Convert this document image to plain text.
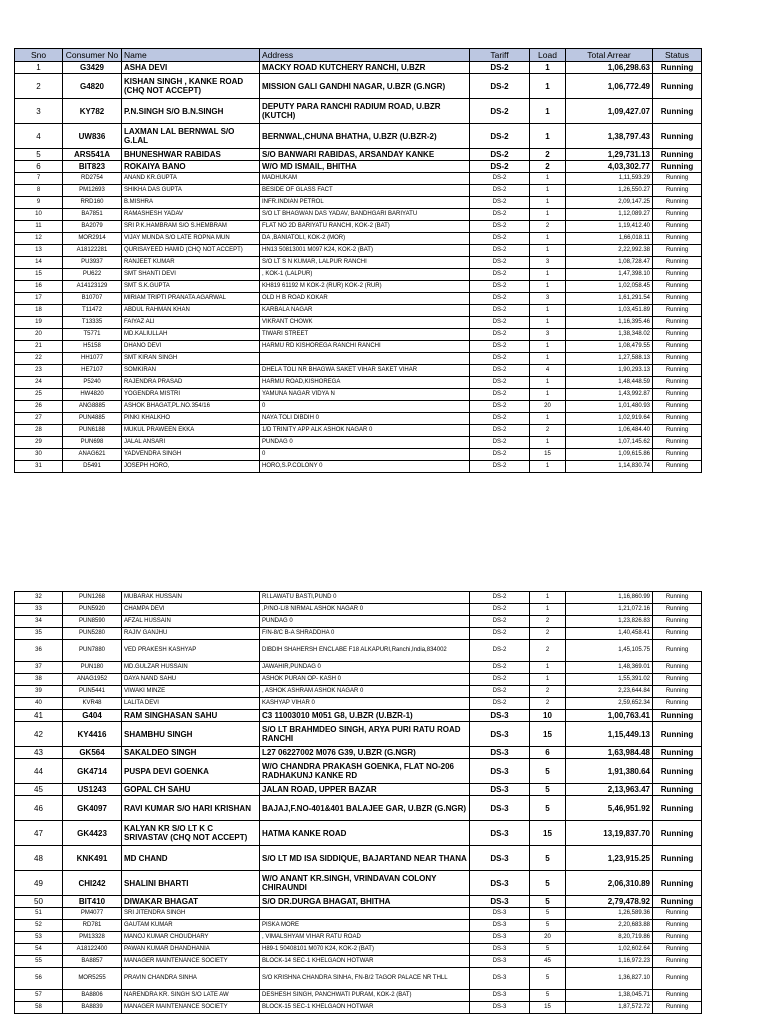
Sno	Consumer No	Name	Address	Tariff	Load	Total Arrear	Status
1	G3429	ASHA DEVI	MACKY ROAD KUTCHERY RANCHI, U.BZR	DS-2	1	1,06,298.63	Running
2	G4820	KISHAN SINGH , KANKE ROAD (CHQ NOT ACCEPT)	MISSION GALI GANDHI NAGAR, U.BZR (G.NGR)	DS-2	1	1,06,772.49	Running
3	KY782	P.N.SINGH S/O B.N.SINGH	DEPUTY PARA RANCHI RADIUM ROAD, U.BZR (KUTCH)	DS-2	1	1,09,427.07	Running
4	UW836	LAXMAN LAL BERNWAL S/O G.LAL	BERNWAL,CHUNA BHATHA, U.BZR (U.BZR-2)	DS-2	1	1,38,797.43	Running
5	ARS541A	BHUNESHWAR RABIDAS	S/O BANWARI RABIDAS, ARSANDAY KANKE	DS-2	2	1,29,731.13	Running
6	BIT823	ROKAIYA BANO	W/O MD ISMAIL, BHITHA	DS-2	2	4,03,302.77	Running
7	RD2754	ANAND KR.GUPTA	MADHUKAM	DS-2	1	1,11,593.29	Running
8	PM12693	SHIKHA DAS GUPTA	BESIDE OF GLASS FACT	DS-2	1	1,26,550.27	Running
9	RRD160	B.MISHRA	INFR.INDIAN PETROL	DS-2	1	2,09,147.25	Running
10	BA7851	RAMASHESH YADAV	S/O LT BHAGWAN DAS YADAV, BANDHGARI BARIYATU	DS-2	1	1,12,089.27	Running
11	BA2079	SRI P.K.HAMBRAM S/O S.HEMBRAM	FLAT NO 2D BARIYATU RANCHI, KOK-2 (BAT)	DS-2	2	1,19,412.40	Running
12	MOR2914	VIJAY MUNDA S/O LATE ROPNA MUN	DA ,BANIATOLI, KOK-2 (MOR)	DS-2	1	1,66,018.11	Running
13	A18122281	QURISAYEED HAMID (CHQ NOT ACCEPT)	HN13 50813001 M097 K24, KOK-2 (BAT)	DS-2	1	2,22,992.38	Running
14	PU3937	RANJEET KUMAR	S/O LT S N KUMAR, LALPUR RANCHI	DS-2	3	1,08,728.47	Running
15	PU622	SMT SHANTI DEVI	, KOK-1 (LALPUR)	DS-2	1	1,47,398.10	Running
16	A14123129	SMT S.K.GUPTA	KH819 61192 M KOK-2 (RUR) KOK-2 (RUR)	DS-2	1	1,02,058.45	Running
17	B10707	MIRIAM TRIPTI PRANATA AGARWAL	OLD H B ROAD KOKAR	DS-2	3	1,61,291.54	Running
18	T11472	ABDUL RAHMAN KHAN	KARBALA NAGAR	DS-2	1	1,03,451.89	Running
19	T13335	FAIYAZ ALI	VIKRANT CHOWK	DS-2	1	1,16,395.46	Running
20	T5771	MD.KALIULLAH	TIWARI STREET	DS-2	3	1,38,348.02	Running
21	H5158	DHANO DEVI	HARMU RD KISHOREGA RANCHI RANCHI	DS-2	1	1,08,479.55	Running
22	HH1077	SMT KIRAN SINGH		DS-2	1	1,27,588.13	Running
23	HE7107	SOMKIRAN	DHELA TOLI NR BHAGWA SAKET VIHAR SAKET VIHAR	DS-2	4	1,90,293.13	Running
24	P5240	RAJENDRA PRASAD	HARMU ROAD,KISHOREGA	DS-2	1	1,48,448.59	Running
25	HW4820	YOGENDRA MISTRI	YAMUNA NAGAR VIDYA N	DS-2	1	1,43,992.87	Running
26	ANG8885	ASHOK BHAGAT,PL.NO.354/16	0	DS-2	20	1,01,480.93	Running
27	PUN4885	PINKI KHALKHO	NAYA TOLI DIBDIH 0	DS-2	1	1,02,919.64	Running
28	PUN6188	MUKUL PRAWEEN EKKA	1/D TRINITY APP ALK ASHOK NAGAR 0	DS-2	2	1,06,484.40	Running
29	PUN698	JALAL ANSARI	PUNDAG 0	DS-2	1	1,07,145.62	Running
30	ANAG621	YADVENDRA SINGH	0	DS-2	15	1,09,615.86	Running
31	D5491	JOSEPH HORO,	HORO,S.P.COLONY 0	DS-2	1	1,14,830.74	Running
32	PUN1268	MUBARAK HUSSAIN	RI.LAWATU BASTI,PUND 0	DS-2	1	1,16,860.99	Running
33	PUN5920	CHAMPA DEVI	,P/NO-L/8 NIRMAL ASHOK NAGAR 0	DS-2	1	1,21,072.16	Running
34	PUN8590	AFZAL HUSSAIN	PUNDAG 0	DS-2	2	1,23,826.83	Running
35	PUN5280	RAJIV GANJHU	F/N-8/C B-A SHRADDHA 0	DS-2	2	1,40,458.41	Running
36	PUN7880	VED PRAKESH KASHYAP	DIBDIH SHAHERSH ENCLABE F18 ALKAPURI,Ranchi,India,834002	DS-2	2	1,45,105.75	Running
37	PUN180	MD.GULZAR HUSSAIN	JAWAHIR,PUNDAG 0	DS-2	1	1,48,369.01	Running
38	ANAG1952	DAYA NAND SAHU	ASHOK PURAN OP- KASH 0	DS-2	1	1,55,391.02	Running
39	PUN5441	VIWAKI MINZE	, ASHOK ASHRAM ASHOK NAGAR 0	DS-2	2	2,23,644.84	Running
40	KVR48	LALITA DEVI	KASHYAP VIHAR 0	DS-2	2	2,59,652.34	Running
41	G404	RAM SINGHASAN SAHU	C3 11003010 M051 G8, U.BZR (U.BZR-1)	DS-3	10	1,00,763.41	Running
42	KY4416	SHAMBHU SINGH	S/O LT BRAHMDEO SINGH, ARYA PURI RATU ROAD RANCHI	DS-3	15	1,15,449.13	Running
43	GK564	SAKALDEO SINGH	L27 06227002 M076 G39, U.BZR (G.NGR)	DS-3	6	1,63,984.48	Running
44	GK4714	PUSPA DEVI GOENKA	W/O CHANDRA PRAKASH GOENKA, FLAT NO-206 RADHAKUNJ KANKE RD	DS-3	5	1,91,380.64	Running
45	US1243	GOPAL CH SAHU	JALAN ROAD, UPPER BAZAR	DS-3	5	2,13,963.47	Running
46	GK4097	RAVI KUMAR S/O HARI KRISHAN	BAJAJ,F.NO-401&401 BALAJEE GAR, U.BZR (G.NGR)	DS-3	5	5,46,951.92	Running
47	GK4423	KALYAN KR S/O LT K C SRIVASTAV (CHQ NOT ACCEPT)	HATMA KANKE ROAD	DS-3	15	13,19,837.70	Running
48	KNK491	MD CHAND	S/O LT MD ISA SIDDIQUE, BAJARTAND NEAR THANA	DS-3	5	1,23,915.25	Running
49	CHI242	SHALINI BHARTI	W/O ANANT KR.SINGH, VRINDAVAN COLONY CHIRAUNDI	DS-3	5	2,06,310.89	Running
50	BIT410	DIWAKAR BHAGAT	S/O DR.DURGA BHAGAT, BHITHA	DS-3	5	2,79,478.92	Running
51	PM4077	SRI JITENDRA SINGH		DS-3	5	1,26,589.36	Running
52	RD781	GAUTAM KUMAR	PISKA MORE	DS-3	5	2,20,683.88	Running
53	PM13328	MANOJ KUMAR CHOUDHARY	, VIMALSHYAM VIHAR RATU ROAD	DS-3	20	8,20,719.86	Running
54	A18122400	PAWAN KUMAR DHANDHANIA	H89-1 50408101 M070 K24, KOK-2 (BAT)	DS-3	5	1,02,602.64	Running
55	BA8857	MANAGER MAINTENANCE SOCIETY	BLOCK-14 SEC-1 KHELGAON HOTWAR	DS-3	45	1,16,972.23	Running
56	MOR5255	PRAVIN CHANDRA SINHA	S/O KRISHNA CHANDRA SINHA, FN-B/2 TAGOR PALACE NR THLL	DS-3	5	1,36,827.10	Running
57	BA8806	NARENDRA KR. SINGH S/O LATE AW	DESHESH SINGH, PANCHWATI PURAM, KOK-2 (BAT)	DS-3	5	1,38,045.71	Running
58	BA8839	MANAGER MAINTENANCE SOCIETY	BLOCK-15 SEC-1 KHELGAON HOTWAR	DS-3	15	1,87,572.72	Running
